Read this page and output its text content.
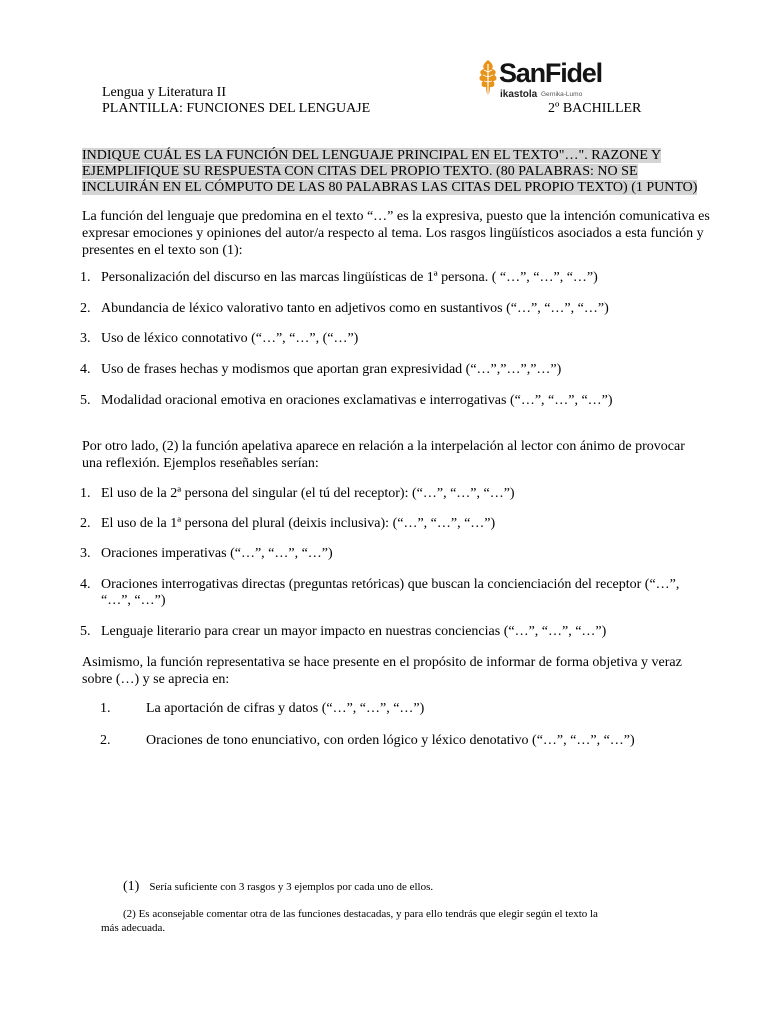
Lengua y Literatura II
PLANTILLA: FUNCIONES DEL LENGUAJE	2º BACHILLER
SanFidel
ikastola Gernika-Lumo
INDIQUE CUÁL ES LA FUNCIÓN DEL LENGUAJE PRINCIPAL EN EL TEXTO"…". RAZONE Y
EJEMPLIFIQUE SU RESPUESTA CON CITAS DEL PROPIO TEXTO. (80 PALABRAS: NO SE
INCLUIRÁN EN EL CÓMPUTO DE LAS 80 PALABRAS LAS CITAS DEL PROPIO TEXTO) (1 PUNTO)
La función del lenguaje que predomina en el texto “…” es la expresiva, puesto que la intención comunicativa es
expresar emociones y opiniones del autor/a respecto al tema. Los rasgos lingüísticos asociados a esta función y
presentes en el texto son (1):
1. Personalización del discurso en las marcas lingüísticas de 1ª persona. ( “…”, “…”, “…”)
2. Abundancia de léxico valorativo tanto en adjetivos como en sustantivos (“…”, “…”, “…”)
3. Uso de léxico connotativo (“…”, “…”, (“…”)
4. Uso de frases hechas y modismos que aportan gran expresividad (“…”,”…”,”…”)
5. Modalidad oracional emotiva en oraciones exclamativas e interrogativas (“…”, “…”, “…”)
Por otro lado, (2) la función apelativa aparece en relación a la interpelación al lector con ánimo de provocar
una reflexión. Ejemplos reseñables serían:
1. El uso de la 2ª persona del singular (el tú del receptor): (“…”, “…”, “…”)
2. El uso de la 1ª persona del plural (deixis inclusiva): (“…”, “…”, “…”)
3. Oraciones imperativas (“…”, “…”, “…”)
4. Oraciones interrogativas directas (preguntas retóricas) que buscan la concienciación del receptor (“…”,
“…”, “…”)
5. Lenguaje literario para crear un mayor impacto en nuestras conciencias (“…”, “…”, “…”)
Asimismo, la función representativa se hace presente en el propósito de informar de forma objetiva y veraz
sobre (…) y se aprecia en:
1.	La aportación de cifras y datos (“…”, “…”, “…”)
2.	Oraciones de tono enunciativo, con orden lógico y léxico denotativo (“…”, “…”, “…”)
(1) Sería suficiente con 3 rasgos y 3 ejemplos por cada uno de ellos.
(2) Es aconsejable comentar otra de las funciones destacadas, y para ello tendrás que elegir según el texto la
más adecuada.
